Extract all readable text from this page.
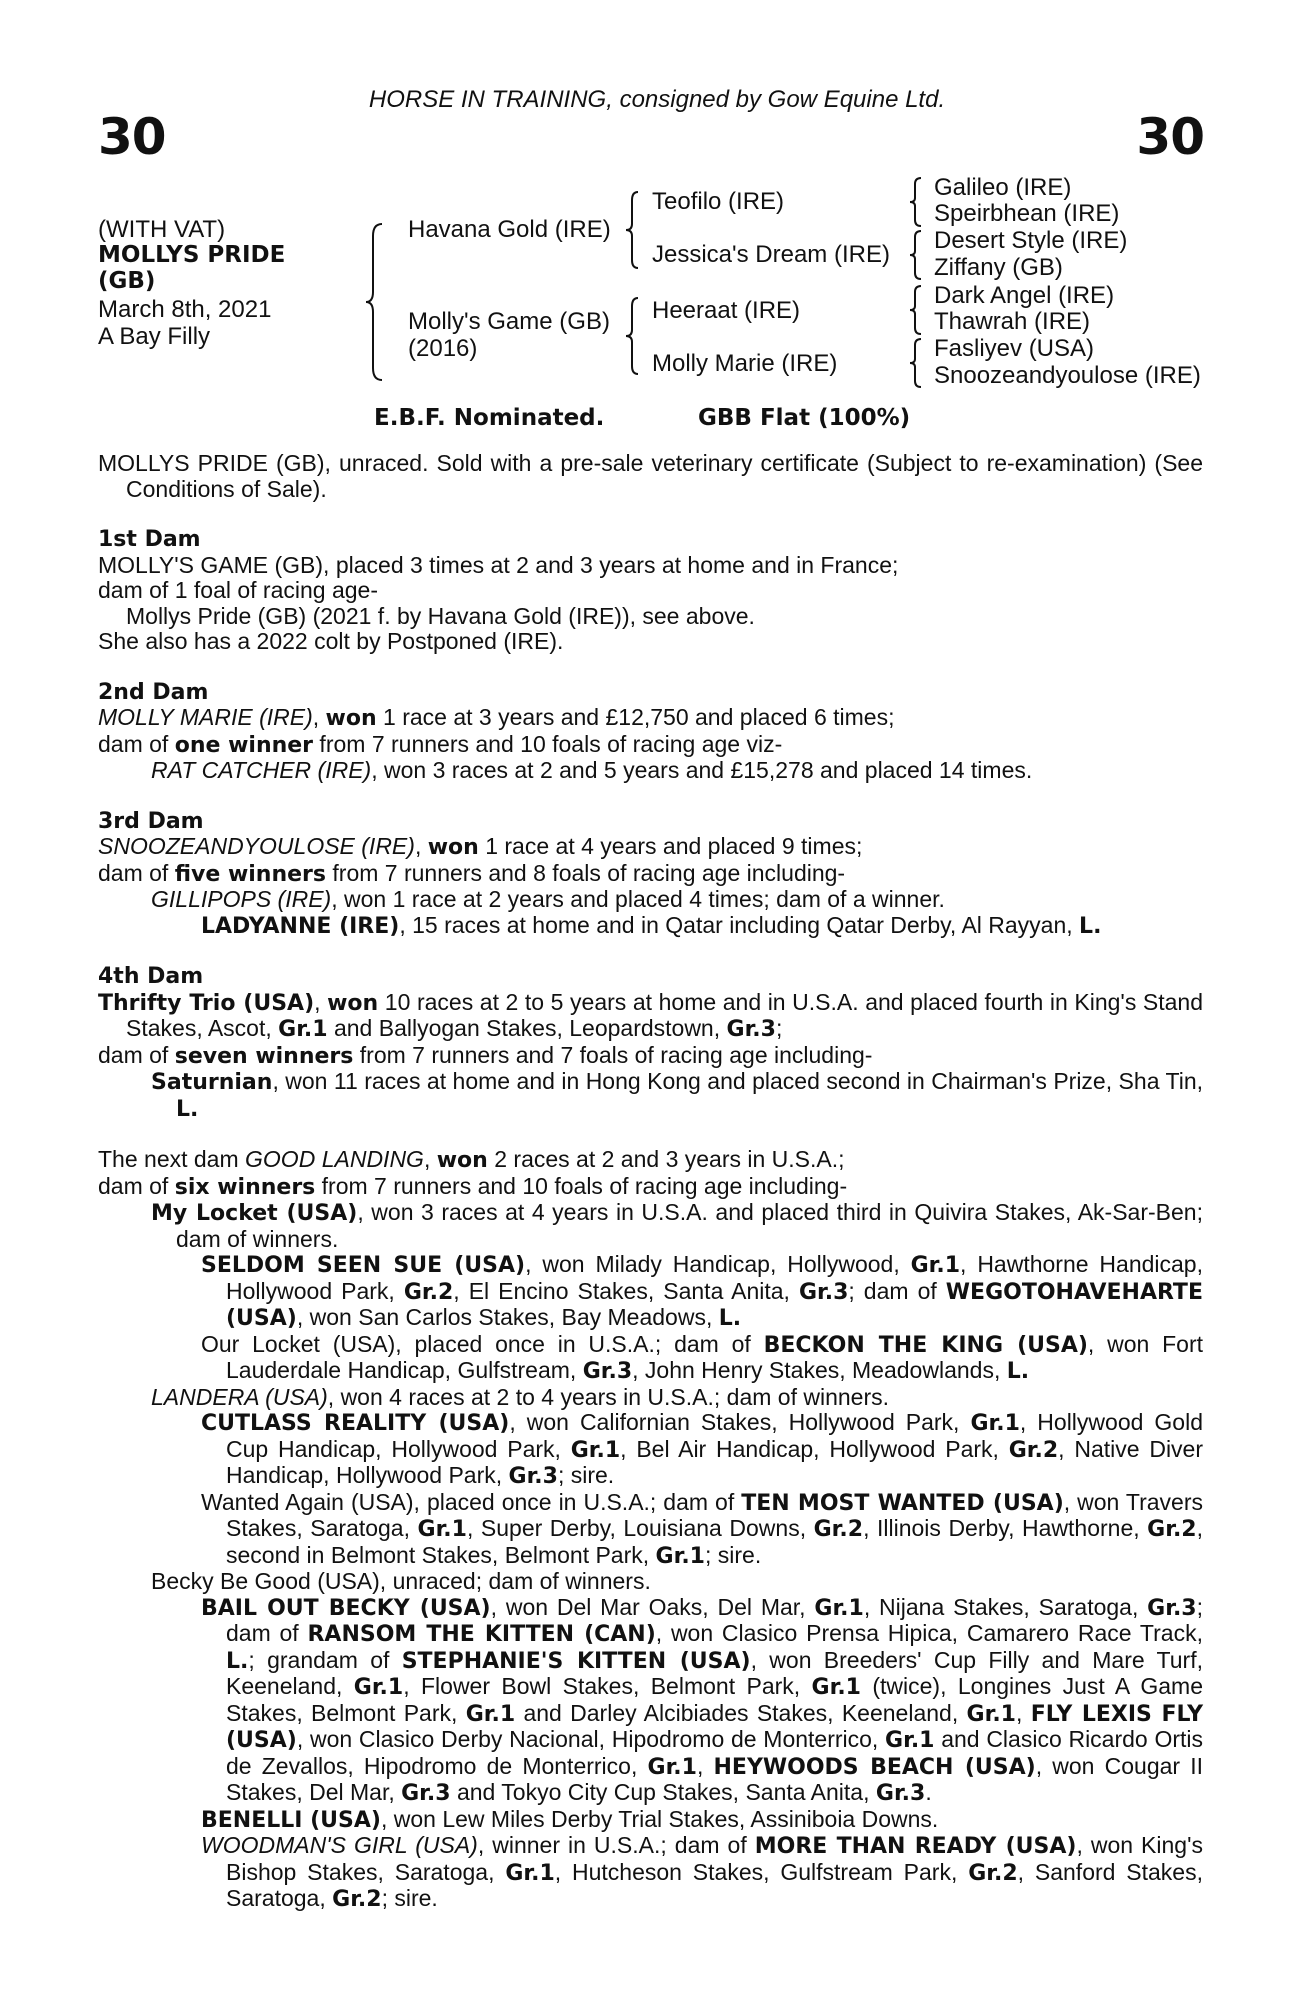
HORSE IN TRAINING, consigned by Gow Equine Ltd.
30	30
(WITH VAT)
MOLLYS PRIDE
(GB)
March 8th, 2021
A Bay Filly
Havana Gold (IRE)
Molly's Game (GB)
(2016)
Teofilo (IRE)
Jessica's Dream (IRE)
Heeraat (IRE)
Molly Marie (IRE)
Galileo (IRE)
Speirbhean (IRE)
Desert Style (IRE)
Ziffany (GB)
Dark Angel (IRE)
Thawrah (IRE)
Fasliyev (USA)
Snoozeandyoulose (IRE)
E.B.F. Nominated.	GBB Flat (100%)

MOLLYS PRIDE (GB), unraced. Sold with a pre-sale veterinary certificate (Subject to re-examination) (See Conditions of Sale).

1st Dam

MOLLY'S GAME (GB), placed 3 times at 2 and 3 years at home and in France;

dam of 1 foal of racing age-

Mollys Pride (GB) (2021 f. by Havana Gold (IRE)), see above.

She also has a 2022 colt by Postponed (IRE).

2nd Dam

MOLLY MARIE (IRE), won 1 race at 3 years and £12,750 and placed 6 times;

dam of one winner from 7 runners and 10 foals of racing age viz-

RAT CATCHER (IRE), won 3 races at 2 and 5 years and £15,278 and placed 14 times.

3rd Dam

SNOOZEANDYOULOSE (IRE), won 1 race at 4 years and placed 9 times;

dam of five winners from 7 runners and 8 foals of racing age including-

GILLIPOPS (IRE), won 1 race at 2 years and placed 4 times; dam of a winner.

LADYANNE (IRE), 15 races at home and in Qatar including Qatar Derby, Al Rayyan, L.

4th Dam

Thrifty Trio (USA), won 10 races at 2 to 5 years at home and in U.S.A. and placed fourth in King's Stand Stakes, Ascot, Gr.1 and Ballyogan Stakes, Leopardstown, Gr.3;

dam of seven winners from 7 runners and 7 foals of racing age including-

Saturnian, won 11 races at home and in Hong Kong and placed second in Chairman's Prize, Sha Tin, L.

The next dam GOOD LANDING, won 2 races at 2 and 3 years in U.S.A.;

dam of six winners from 7 runners and 10 foals of racing age including-

My Locket (USA), won 3 races at 4 years in U.S.A. and placed third in Quivira Stakes, Ak-Sar-Ben; dam of winners.

SELDOM SEEN SUE (USA), won Milady Handicap, Hollywood, Gr.1, Hawthorne Handicap, Hollywood Park, Gr.2, El Encino Stakes, Santa Anita, Gr.3; dam of WEGOTOHAVEHARTE (USA), won San Carlos Stakes, Bay Meadows, L.

Our Locket (USA), placed once in U.S.A.; dam of BECKON THE KING (USA), won Fort Lauderdale Handicap, Gulfstream, Gr.3, John Henry Stakes, Meadowlands, L.

LANDERA (USA), won 4 races at 2 to 4 years in U.S.A.; dam of winners.

CUTLASS REALITY (USA), won Californian Stakes, Hollywood Park, Gr.1, Hollywood Gold Cup Handicap, Hollywood Park, Gr.1, Bel Air Handicap, Hollywood Park, Gr.2, Native Diver Handicap, Hollywood Park, Gr.3; sire.

Wanted Again (USA), placed once in U.S.A.; dam of TEN MOST WANTED (USA), won Travers Stakes, Saratoga, Gr.1, Super Derby, Louisiana Downs, Gr.2, Illinois Derby, Hawthorne, Gr.2, second in Belmont Stakes, Belmont Park, Gr.1; sire.

Becky Be Good (USA), unraced; dam of winners.

BAIL OUT BECKY (USA), won Del Mar Oaks, Del Mar, Gr.1, Nijana Stakes, Saratoga, Gr.3; dam of RANSOM THE KITTEN (CAN), won Clasico Prensa Hipica, Camarero Race Track, L.; grandam of STEPHANIE'S KITTEN (USA), won Breeders' Cup Filly and Mare Turf, Keeneland, Gr.1, Flower Bowl Stakes, Belmont Park, Gr.1 (twice), Longines Just A Game Stakes, Belmont Park, Gr.1 and Darley Alcibiades Stakes, Keeneland, Gr.1, FLY LEXIS FLY (USA), won Clasico Derby Nacional, Hipodromo de Monterrico, Gr.1 and Clasico Ricardo Ortis de Zevallos, Hipodromo de Monterrico, Gr.1, HEYWOODS BEACH (USA), won Cougar II Stakes, Del Mar, Gr.3 and Tokyo City Cup Stakes, Santa Anita, Gr.3.

BENELLI (USA), won Lew Miles Derby Trial Stakes, Assiniboia Downs.

WOODMAN'S GIRL (USA), winner in U.S.A.; dam of MORE THAN READY (USA), won King's Bishop Stakes, Saratoga, Gr.1, Hutcheson Stakes, Gulfstream Park, Gr.2, Sanford Stakes, Saratoga, Gr.2; sire.
